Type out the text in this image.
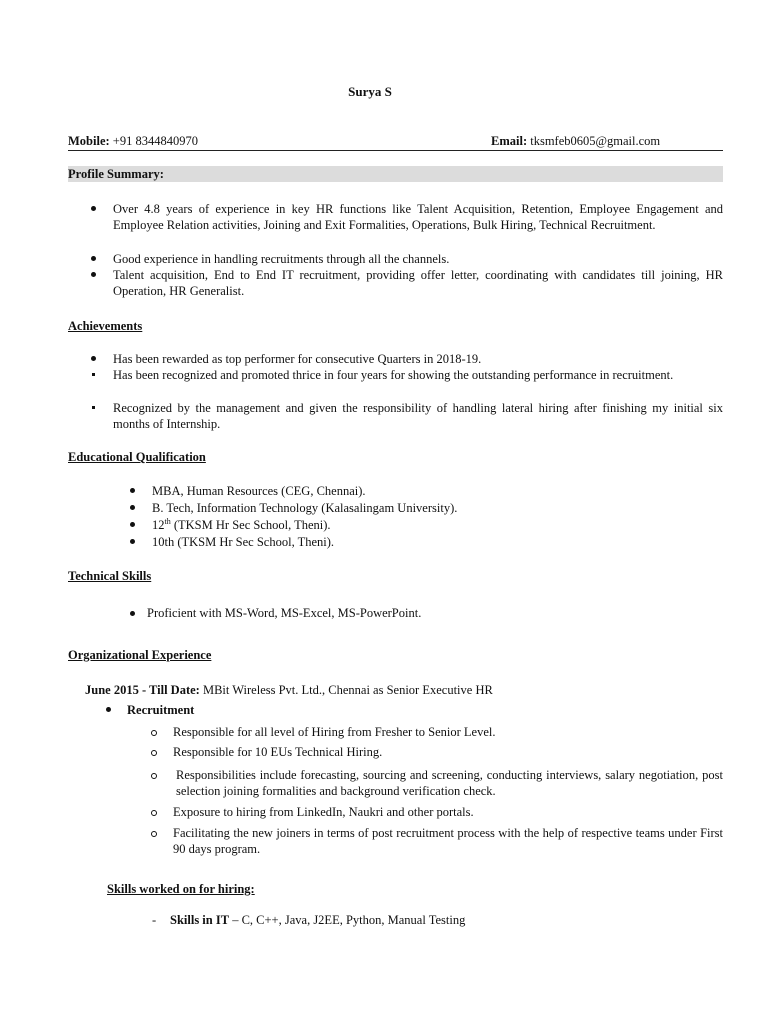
Surya S
Mobile: +91 8344840970	Email: tksmfeb0605@gmail.com
Profile Summary:
Over 4.8 years of experience in key HR functions like Talent Acquisition, Retention, Employee Engagement and Employee Relation activities, Joining and Exit Formalities, Operations, Bulk Hiring, Technical Recruitment.
Good experience in handling recruitments through all the channels.
Talent acquisition, End to End IT recruitment, providing offer letter, coordinating with candidates till joining, HR Operation, HR Generalist.
Achievements
Has been rewarded as top performer for consecutive Quarters in 2018-19.
Has been recognized and promoted thrice in four years for showing the outstanding performance in recruitment.
Recognized by the management and given the responsibility of handling lateral hiring after finishing my initial six months of Internship.
Educational Qualification
MBA, Human Resources (CEG, Chennai).
B. Tech, Information Technology (Kalasalingam University).
12th (TKSM Hr Sec School, Theni).
10th (TKSM Hr Sec School, Theni).
Technical Skills
Proficient with MS-Word, MS-Excel, MS-PowerPoint.
Organizational Experience
June 2015 - Till Date: MBit Wireless Pvt. Ltd., Chennai as Senior Executive HR
Recruitment
Responsible for all level of Hiring from Fresher to Senior Level.
Responsible for 10 EUs Technical Hiring.
Responsibilities include forecasting, sourcing and screening, conducting interviews, salary negotiation, post selection joining formalities and background verification check.
Exposure to hiring from LinkedIn, Naukri and other portals.
Facilitating the new joiners in terms of post recruitment process with the help of respective teams under First 90 days program.
Skills worked on for hiring:
- Skills in IT – C, C++, Java, J2EE, Python, Manual Testing
